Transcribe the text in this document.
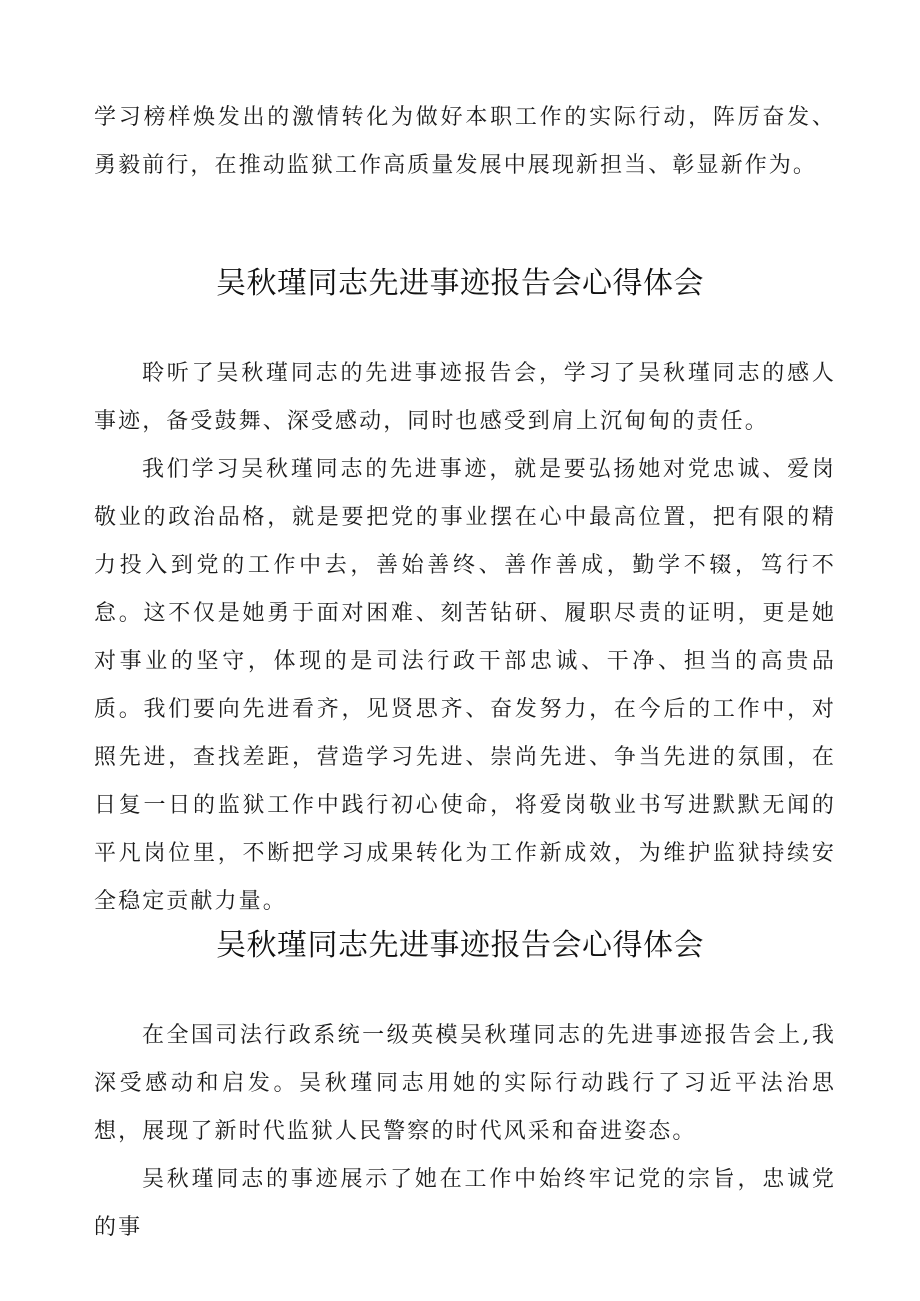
学习榜样焕发出的激情转化为做好本职工作的实际行动，阵厉奋发、勇毅前行，在推动监狱工作高质量发展中展现新担当、彰显新作为。

吴秋瑾同志先进事迹报告会心得体会

聆听了吴秋瑾同志的先进事迹报告会，学习了吴秋瑾同志的感人事迹，备受鼓舞、深受感动，同时也感受到肩上沉甸甸的责任。

我们学习吴秋瑾同志的先进事迹，就是要弘扬她对党忠诚、爱岗敬业的政治品格，就是要把党的事业摆在心中最高位置，把有限的精力投入到党的工作中去，善始善终、善作善成，勤学不辍，笃行不怠。这不仅是她勇于面对困难、刻苦钻研、履职尽责的证明，更是她对事业的坚守，体现的是司法行政干部忠诚、干净、担当的高贵品质。我们要向先进看齐，见贤思齐、奋发努力，在今后的工作中，对照先进，查找差距，营造学习先进、崇尚先进、争当先进的氛围，在日复一日的监狱工作中践行初心使命，将爱岗敬业书写进默默无闻的平凡岗位里，不断把学习成果转化为工作新成效，为维护监狱持续安全稳定贡献力量。

吴秋瑾同志先进事迹报告会心得体会

在全国司法行政系统一级英模吴秋瑾同志的先进事迹报告会上,我深受感动和启发。吴秋瑾同志用她的实际行动践行了习近平法治思想，展现了新时代监狱人民警察的时代风采和奋进姿态。

吴秋瑾同志的事迹展示了她在工作中始终牢记党的宗旨，忠诚党的事
